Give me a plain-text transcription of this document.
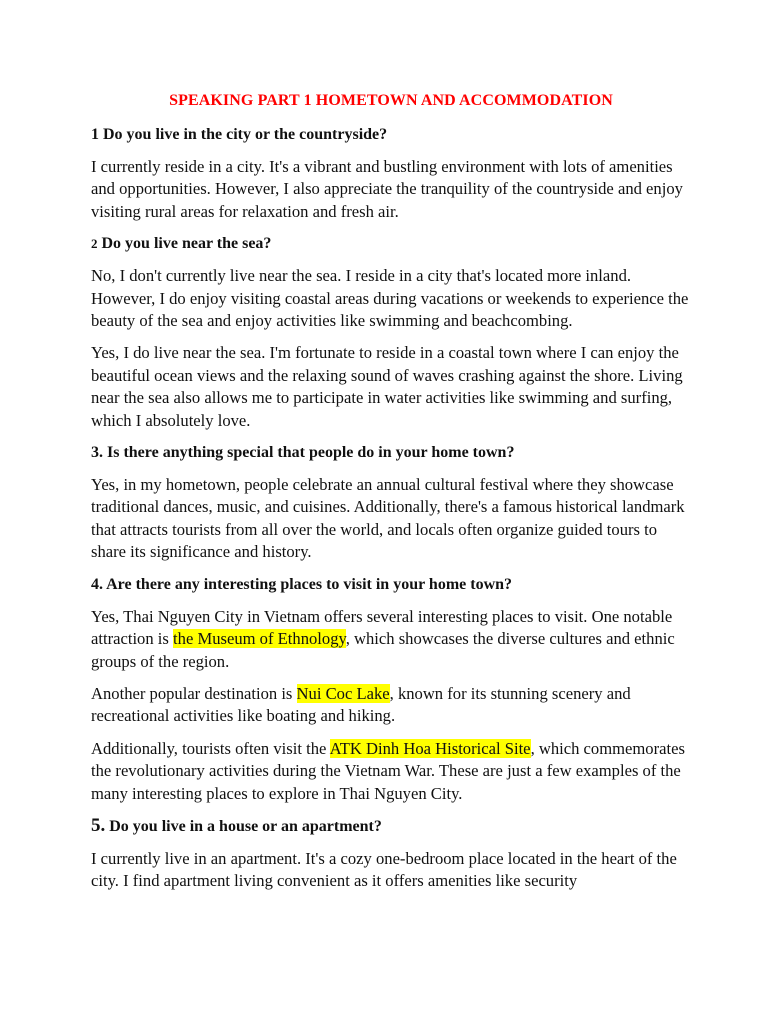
SPEAKING PART 1 HOMETOWN AND ACCOMMODATION
1 Do you live in the city or the countryside?
I currently reside in a city. It's a vibrant and bustling environment with lots of amenities and opportunities. However, I also appreciate the tranquility of the countryside and enjoy visiting rural areas for relaxation and fresh air.
2 Do you live near the sea?
No, I don't currently live near the sea. I reside in a city that's located more inland. However, I do enjoy visiting coastal areas during vacations or weekends to experience the beauty of the sea and enjoy activities like swimming and beachcombing.
Yes, I do live near the sea. I'm fortunate to reside in a coastal town where I can enjoy the beautiful ocean views and the relaxing sound of waves crashing against the shore. Living near the sea also allows me to participate in water activities like swimming and surfing, which I absolutely love.
3. Is there anything special that people do in your home town?
Yes, in my hometown, people celebrate an annual cultural festival where they showcase traditional dances, music, and cuisines. Additionally, there's a famous historical landmark that attracts tourists from all over the world, and locals often organize guided tours to share its significance and history.
4. Are there any interesting places to visit in your home town?
Yes, Thai Nguyen City in Vietnam offers several interesting places to visit. One notable attraction is the Museum of Ethnology, which showcases the diverse cultures and ethnic groups of the region.
Another popular destination is Nui Coc Lake, known for its stunning scenery and recreational activities like boating and hiking.
Additionally, tourists often visit the ATK Dinh Hoa Historical Site, which commemorates the revolutionary activities during the Vietnam War. These are just a few examples of the many interesting places to explore in Thai Nguyen City.
5. Do you live in a house or an apartment?
I currently live in an apartment. It's a cozy one-bedroom place located in the heart of the city. I find apartment living convenient as it offers amenities like security
